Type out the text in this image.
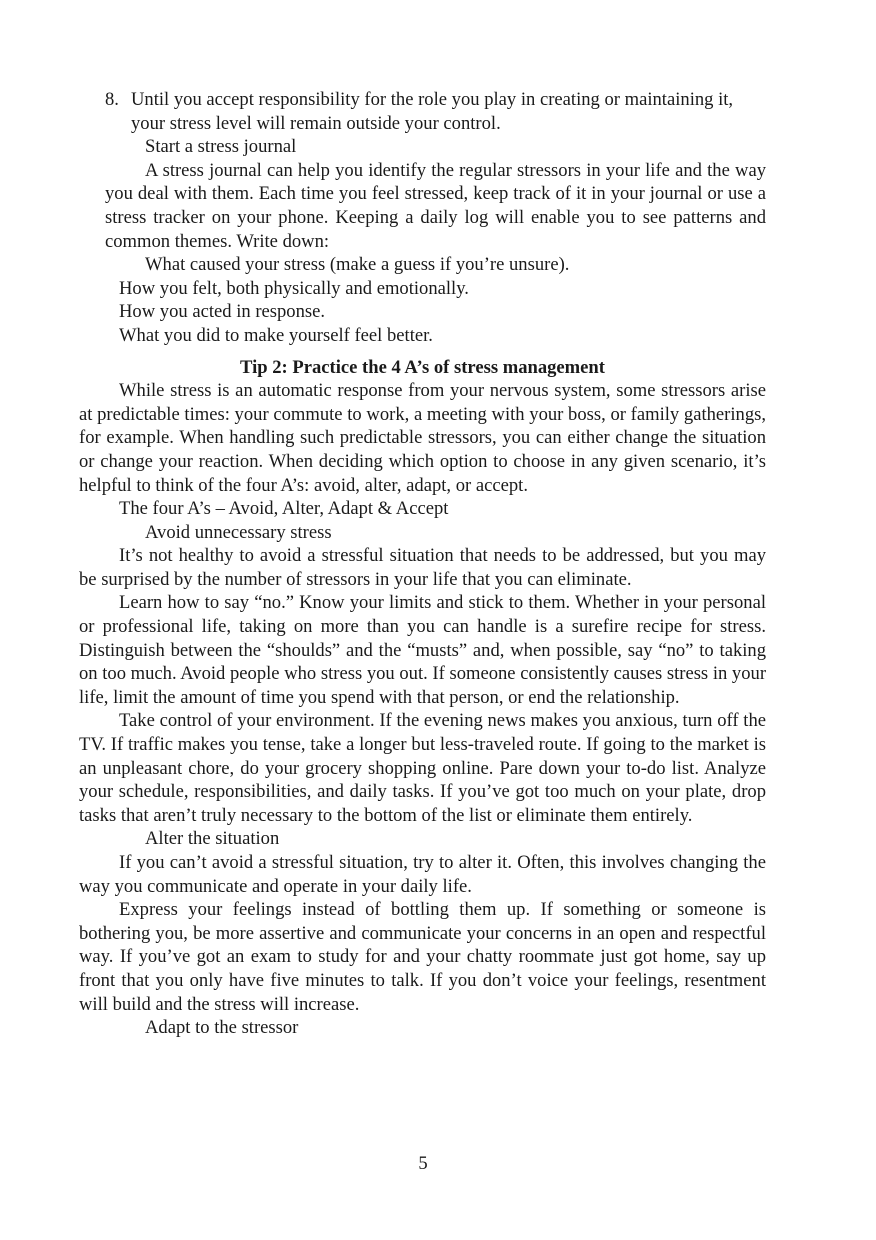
8. Until you accept responsibility for the role you play in creating or maintaining it, your stress level will remain outside your control.

Start a stress journal

A stress journal can help you identify the regular stressors in your life and the way you deal with them. Each time you feel stressed, keep track of it in your journal or use a stress tracker on your phone. Keeping a daily log will enable you to see patterns and common themes. Write down:

What caused your stress (make a guess if you’re unsure).

How you felt, both physically and emotionally.

How you acted in response.

What you did to make yourself feel better.

Tip 2: Practice the 4 A’s of stress management

While stress is an automatic response from your nervous system, some stressors arise at predictable times: your commute to work, a meeting with your boss, or family gatherings, for example. When handling such predictable stressors, you can either change the situation or change your reaction. When deciding which option to choose in any given scenario, it’s helpful to think of the four A’s: avoid, alter, adapt, or accept.

The four A’s – Avoid, Alter, Adapt & Accept

Avoid unnecessary stress

It’s not healthy to avoid a stressful situation that needs to be addressed, but you may be surprised by the number of stressors in your life that you can eliminate.

Learn how to say “no.” Know your limits and stick to them. Whether in your personal or professional life, taking on more than you can handle is a surefire recipe for stress. Distinguish between the “shoulds” and the “musts” and, when possible, say “no” to taking on too much. Avoid people who stress you out. If someone consistently causes stress in your life, limit the amount of time you spend with that person, or end the relationship.

Take control of your environment. If the evening news makes you anxious, turn off the TV. If traffic makes you tense, take a longer but less-traveled route. If going to the market is an unpleasant chore, do your grocery shopping online. Pare down your to-do list. Analyze your schedule, responsibilities, and daily tasks. If you’ve got too much on your plate, drop tasks that aren’t truly necessary to the bottom of the list or eliminate them entirely.

Alter the situation

If you can’t avoid a stressful situation, try to alter it. Often, this involves changing the way you communicate and operate in your daily life.

Express your feelings instead of bottling them up. If something or someone is bothering you, be more assertive and communicate your concerns in an open and respectful way. If you’ve got an exam to study for and your chatty roommate just got home, say up front that you only have five minutes to talk. If you don’t voice your feelings, resentment will build and the stress will increase.

Adapt to the stressor

5
